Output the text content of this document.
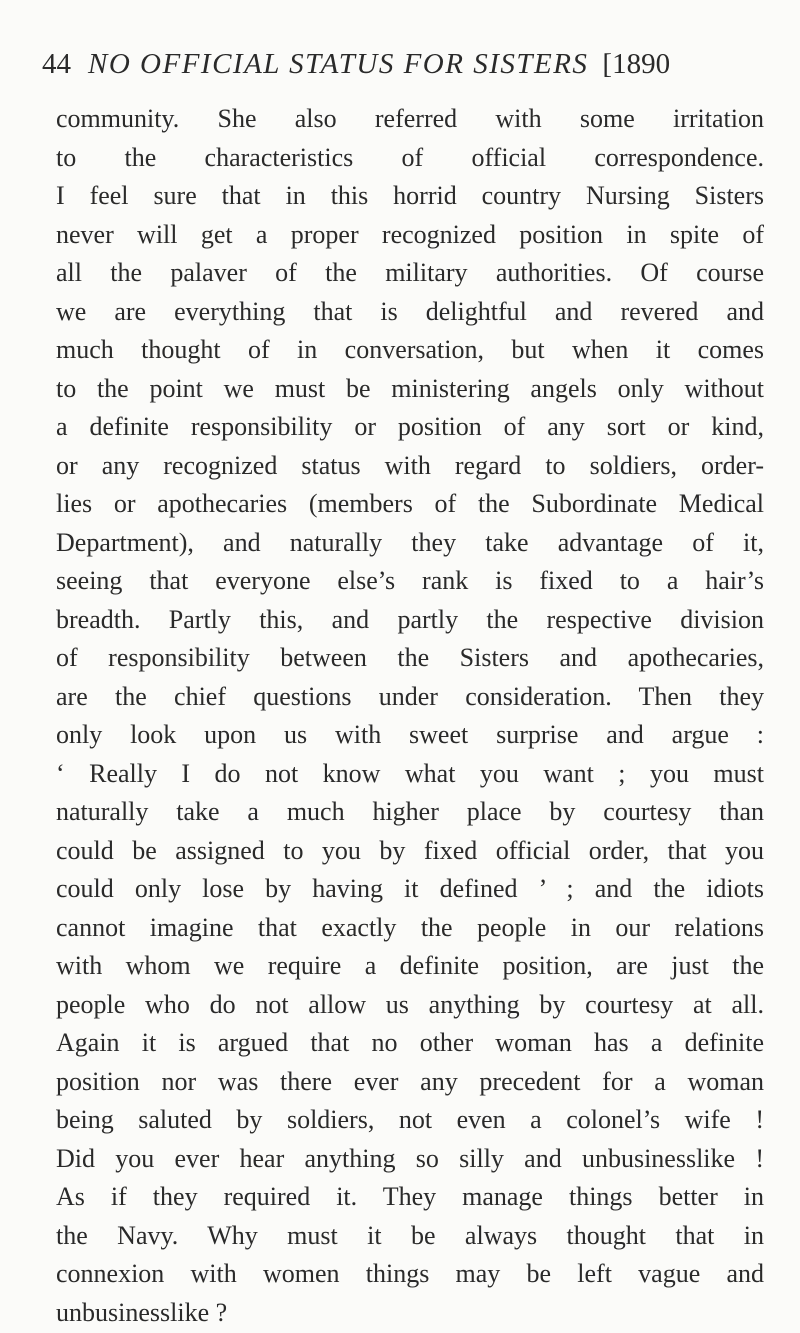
44 NO OFFICIAL STATUS FOR SISTERS [1890
community. She also referred with some irritation
to the characteristics of official correspondence.
I feel sure that in this horrid country Nursing Sisters
never will get a proper recognized position in spite of
all the palaver of the military authorities. Of course
we are everything that is delightful and revered and
much thought of in conversation, but when it comes
to the point we must be ministering angels only without
a definite responsibility or position of any sort or kind,
or any recognized status with regard to soldiers, order-
lies or apothecaries (members of the Subordinate Medical
Department), and naturally they take advantage of it,
seeing that everyone else’s rank is fixed to a hair’s
breadth. Partly this, and partly the respective division
of responsibility between the Sisters and apothecaries,
are the chief questions under consideration. Then they
only look upon us with sweet surprise and argue :
‘ Really I do not know what you want ; you must
naturally take a much higher place by courtesy than
could be assigned to you by fixed official order, that you
could only lose by having it defined ’ ; and the idiots
cannot imagine that exactly the people in our relations
with whom we require a definite position, are just the
people who do not allow us anything by courtesy at all.
Again it is argued that no other woman has a definite
position nor was there ever any precedent for a woman
being saluted by soldiers, not even a colonel’s wife !
Did you ever hear anything so silly and unbusinesslike !
As if they required it. They manage things better in
the Navy. Why must it be always thought that in
connexion with women things may be left vague and
unbusinesslike ?
